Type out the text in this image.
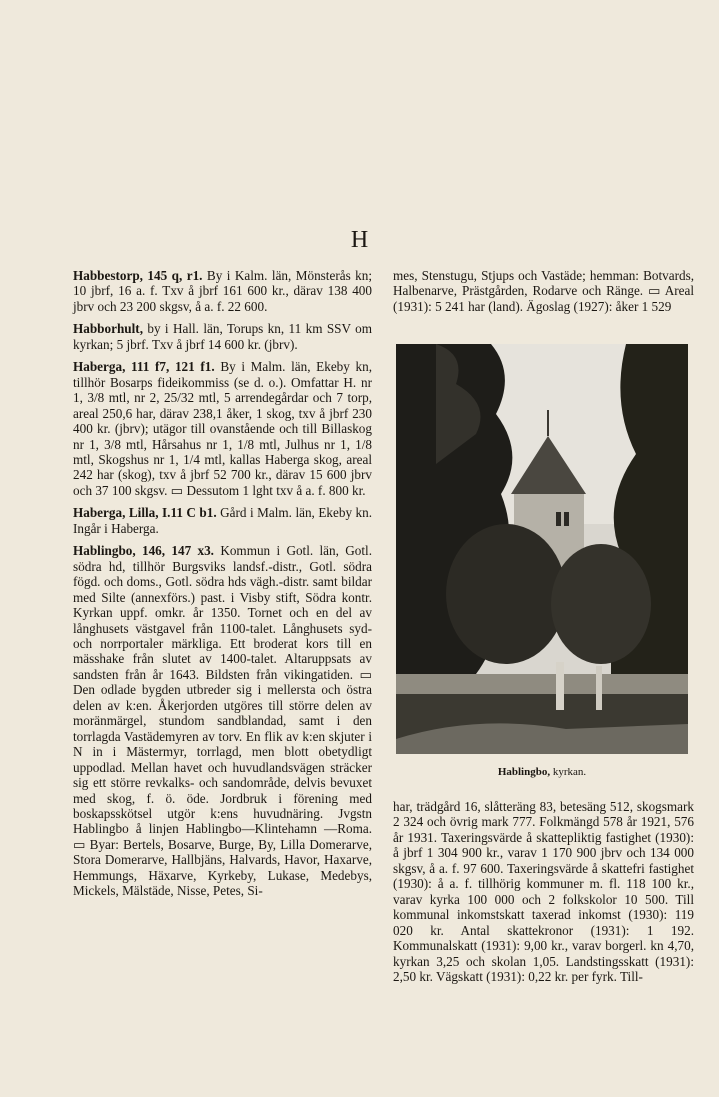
H

Habbestorp, 145 q, r1. By i Kalm. län, Mönsterås kn; 10 jbrf, 16 a. f. Txv å jbrf 161 600 kr., därav 138 400 jbrv och 23 200 skgsv, å a. f. 22 600.

Habborhult, by i Hall. län, Torups kn, 11 km SSV om kyrkan; 5 jbrf. Txv å jbrf 14 600 kr. (jbrv).

Haberga, 111 f7, 121 f1. By i Malm. län, Ekeby kn, tillhör Bosarps fideikommiss (se d. o.). Omfattar H. nr 1, 3/8 mtl, nr 2, 25/32 mtl, 5 arrendegårdar och 7 torp, areal 250,6 har, därav 238,1 åker, 1 skog, txv å jbrf 230 400 kr. (jbrv); utägor till ovanstående och till Billaskog nr 1, 3/8 mtl, Hårsahus nr 1, 1/8 mtl, Julhus nr 1, 1/8 mtl, Skogshus nr 1, 1/4 mtl, kallas Haberga skog, areal 242 har (skog), txv å jbrf 52 700 kr., därav 15 600 jbrv och 37 100 skgsv. ▭ Dessutom 1 lght txv å a. f. 800 kr.

Haberga, Lilla, I.11 C b1. Gård i Malm. län, Ekeby kn. Ingår i Haberga.

Hablingbo, 146, 147 x3. Kommun i Gotl. län, Gotl. södra hd, tillhör Burgsviks landsf.-distr., Gotl. södra fögd. och doms., Gotl. södra hds vägh.-distr. samt bildar med Silte (annexförs.) past. i Visby stift, Södra kontr. Kyrkan uppf. omkr. år 1350. Tornet och en del av långhusets västgavel från 1100-talet. Långhusets syd- och norrportaler märkliga. Ett broderat kors till en mässhake från slutet av 1400-talet. Altaruppsats av sandsten från år 1643. Bildsten från vikingatiden. ▭ Den odlade bygden utbreder sig i mellersta och östra delen av k:en. Åkerjorden utgöres till större delen av moränmärgel, stundom sandblandad, samt i den torrlagda Vastädemyren av torv. En flik av k:en skjuter i N in i Mästermyr, torrlagd, men blott obetydligt uppodlad. Mellan havet och huvudlandsvägen sträcker sig ett större revkalks- och sandområde, delvis bevuxet med skog, f. ö. öde. Jordbruk i förening med boskapsskötsel utgör k:ens huvudnäring. Jvgstn Hablingbo å linjen Hablingbo—Klintehamn —Roma. ▭ Byar: Bertels, Bosarve, Burge, By, Lilla Domerarve, Stora Domerarve, Hallbjäns, Halvards, Havor, Haxarve, Hemmungs, Häxarve, Kyrkeby, Lukase, Medebys, Mickels, Mälstäde, Nisse, Petes, Si-

mes, Stenstugu, Stjups och Vastäde; hemman: Botvards, Halbenarve, Prästgården, Rodarve och Ränge. ▭ Areal (1931): 5 241 har (land). Ägoslag (1927): åker 1 529
Hablingbo, kyrkan.
har, trädgård 16, slåtteräng 83, betesäng 512, skogsmark 2 324 och övrig mark 777. Folkmängd 578 år 1921, 576 år 1931. Taxeringsvärde å skattepliktig fastighet (1930): å jbrf 1 304 900 kr., varav 1 170 900 jbrv och 134 000 skgsv, å a. f. 97 600. Taxeringsvärde å skattefri fastighet (1930): å a. f. tillhörig kommuner m. fl. 118 100 kr., varav kyrka 100 000 och 2 folkskolor 10 500. Till kommunal inkomstskatt taxerad inkomst (1930): 119 020 kr. Antal skattekronor (1931): 1 192. Kommunalskatt (1931): 9,00 kr., varav borgerl. kn 4,70, kyrkan 3,25 och skolan 1,05. Landstingsskatt (1931): 2,50 kr. Vägskatt (1931): 0,22 kr. per fyrk. Till-
